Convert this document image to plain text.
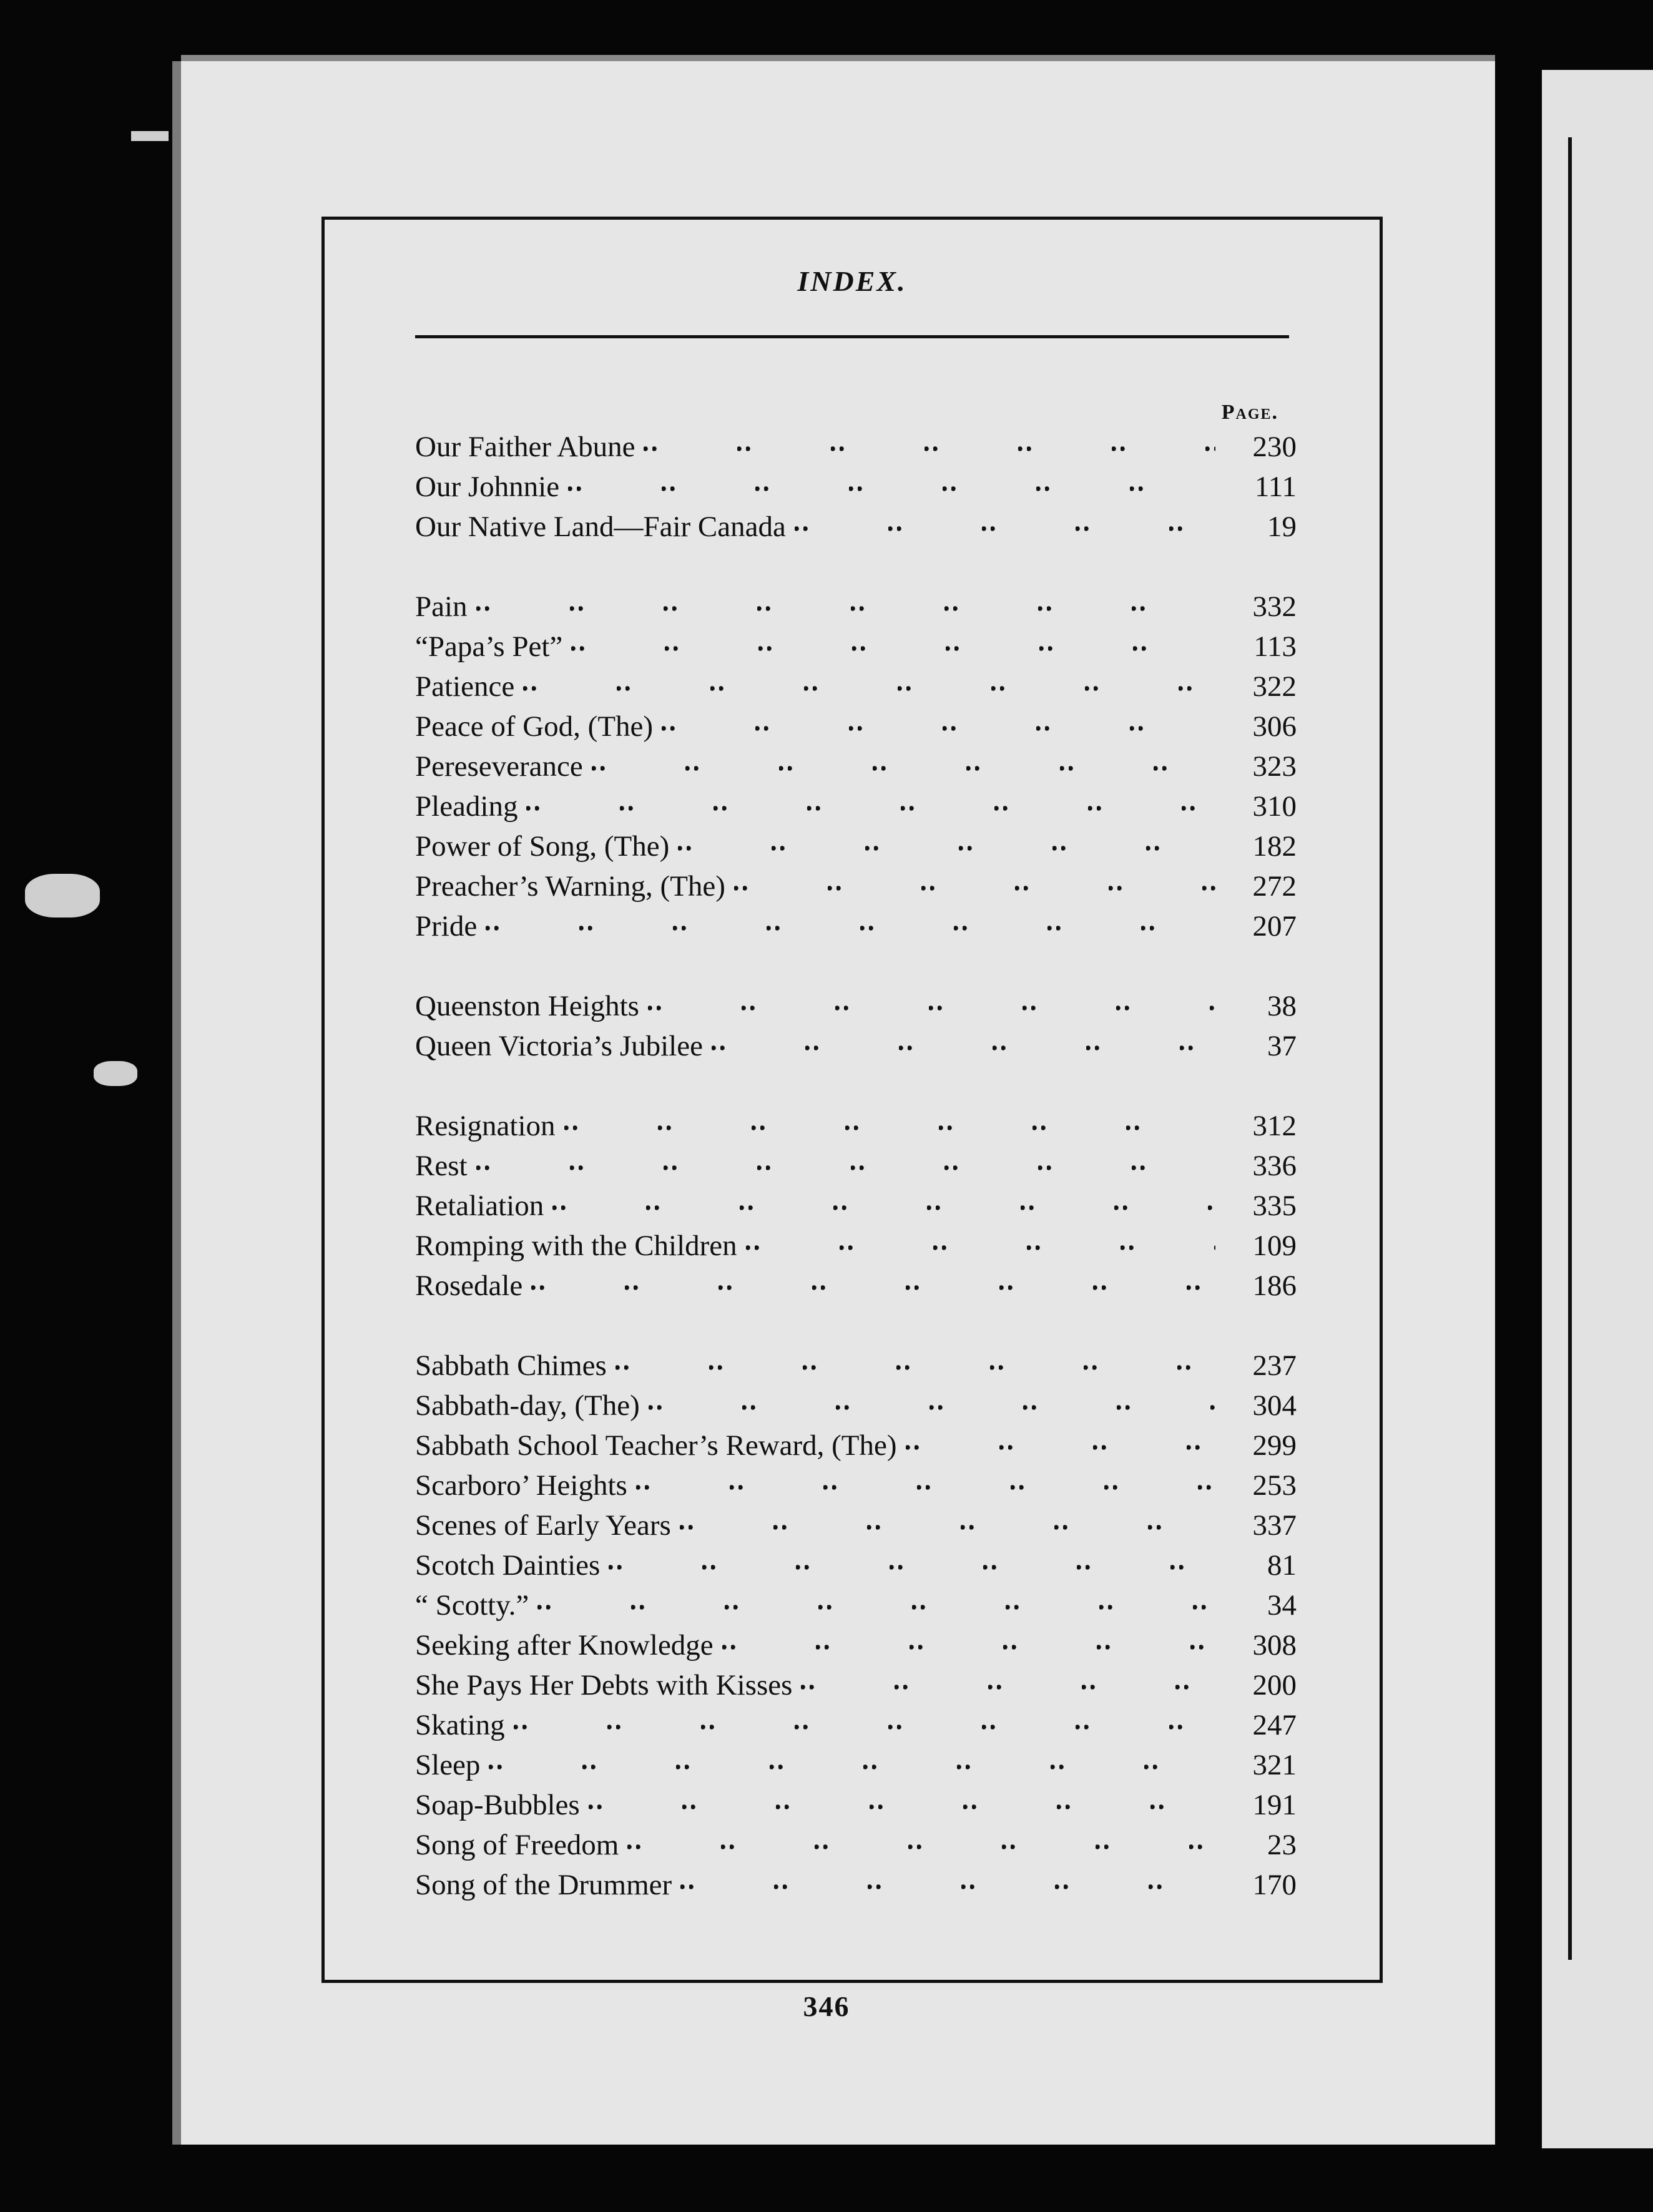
INDEX.
Page.
Our Faither Abune	230
Our Johnnie	111
Our Native Land—Fair Canada	19
Pain	332
“Papa’s Pet”	113
Patience	322
Peace of God, (The)	306
Pereseverance	323
Pleading	310
Power of Song, (The)	182
Preacher’s Warning, (The)	272
Pride	207
Queenston Heights	38
Queen Victoria’s Jubilee	37
Resignation	312
Rest	336
Retaliation	335
Romping with the Children	109
Rosedale	186
Sabbath Chimes	237
Sabbath-day, (The)	304
Sabbath School Teacher’s Reward, (The)	299
Scarboro’ Heights	253
Scenes of Early Years	337
Scotch Dainties	81
“ Scotty.”	34
Seeking after Knowledge	308
She Pays Her Debts with Kisses	200
Skating	247
Sleep	321
Soap-Bubbles	191
Song of Freedom	23
Song of the Drummer	170
346
